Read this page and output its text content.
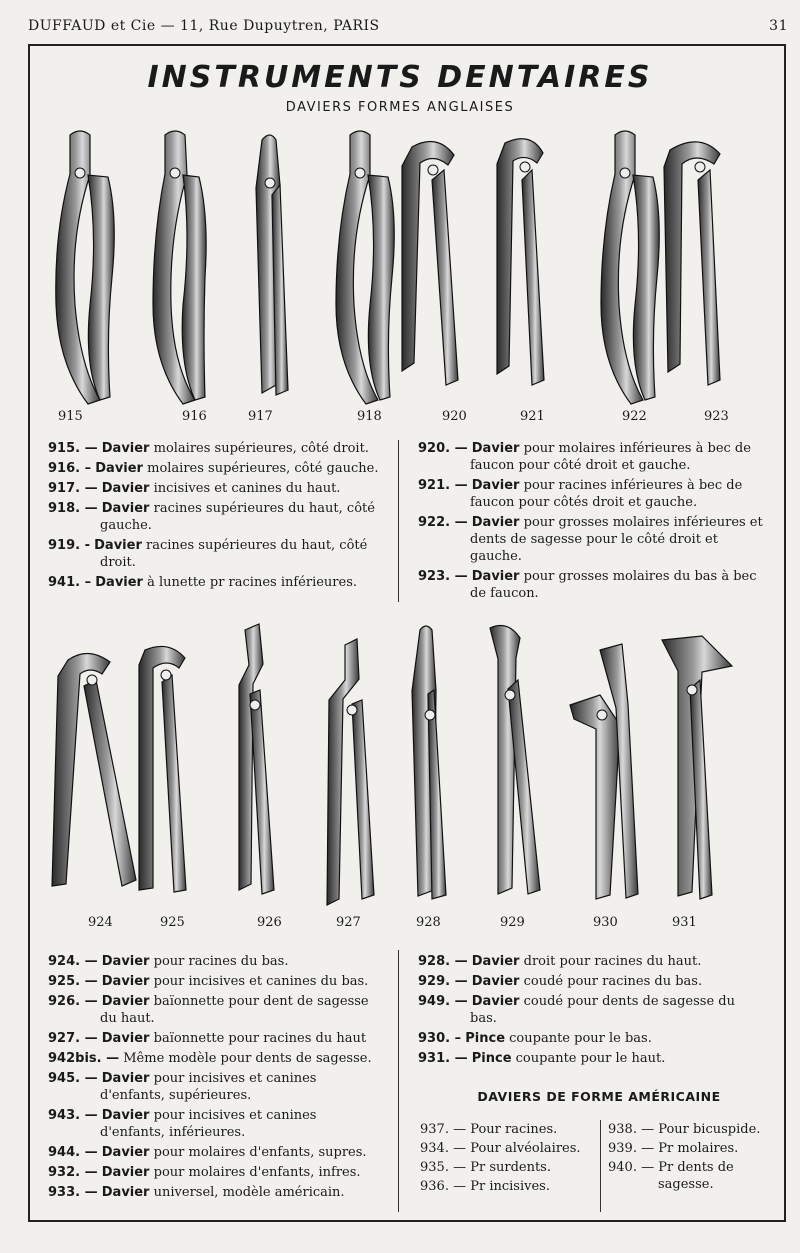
DUFFAUD et Cie — 11, Rue Dupuytren, PARIS	31
INSTRUMENTS DENTAIRES
DAVIERS FORMES ANGLAISES
915	916	917	918	920	921	922	923
915. — Davier molaires supérieures, côté droit.
916. – Davier molaires supérieures, côté gauche.
917. — Davier incisives et canines du haut.
918. — Davier racines supérieures du haut, côté gauche.
919. - Davier racines supérieures du haut, côté droit.
941. – Davier à lunette pr racines inférieures.
920. — Davier pour molaires inférieures à bec de faucon pour côté droit et gauche.
921. — Davier pour racines inférieures à bec de faucon pour côtés droit et gauche.
922. — Davier pour grosses molaires inférieures et dents de sagesse pour le côté droit et gauche.
923. — Davier pour grosses molaires du bas à bec de faucon.
924	925	926	927	928	929	930	931
924. — Davier pour racines du bas.
925. — Davier pour incisives et canines du bas.
926. — Davier baïonnette pour dent de sagesse du haut.
927. — Davier baïonnette pour racines du haut
942bis. — Même modèle pour dents de sagesse.
945. — Davier pour incisives et canines d'enfants, supérieures.
943. — Davier pour incisives et canines d'enfants, inférieures.
944. — Davier pour molaires d'enfants, supres.
932. — Davier pour molaires d'enfants, infres.
933. — Davier universel, modèle américain.
928. — Davier droit pour racines du haut.
929. — Davier coudé pour racines du bas.
949. — Davier coudé pour dents de sagesse du bas.
930. – Pince coupante pour le bas.
931. — Pince coupante pour le haut.
DAVIERS DE FORME AMÉRICAINE
937. — Pour racines.
934. — Pour alvéolaires.
935. — Pr surdents.
936. — Pr incisives.
938. — Pour bicuspide.
939. — Pr molaires.
940. — Pr dents de sagesse.
